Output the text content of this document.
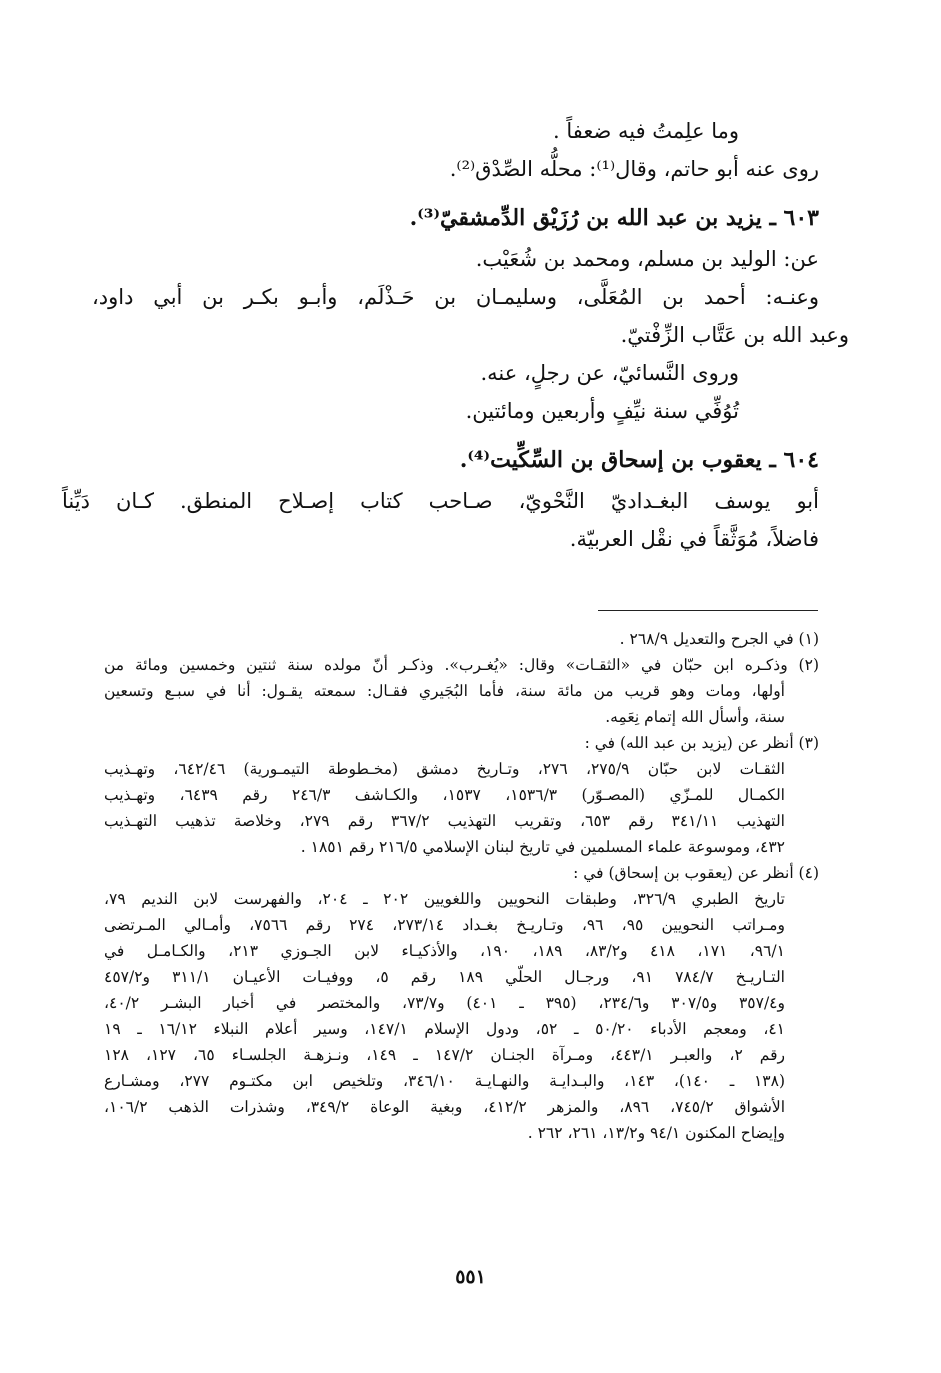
وما علِمتُ فيه ضعفاً .
روى عنه أبو حاتم، وقال⁽¹⁾: محلُّه الصِّدْق⁽²⁾.
٦٠٣ ـ يزيد بن عبد الله بن رُزَيْق الدِّمشقيّ⁽³⁾.
عن: الوليد بن مسلم، ومحمد بن شُعَيْب.
وعنـه: أحمد بن المُعَلَّى، وسليمـان بن حَـذْلَم، وأبـو بكـر بن أبي داود،
وعبد الله بن عَتَّاب الزِّفْتيّ.
وروى النَّسائيّ، عن رجلٍ، عنه.
تُوُفِّي سنة نيِّفٍ وأربعين ومائتين.
٦٠٤ ـ يعقوب بن إسحاق بن السِّكِّيت⁽⁴⁾.
أبو يوسف البغـداديّ النَّحْويّ، صـاحب كتاب إصـلاح المنطق. كـان دَيِّناً
فاضلاً، مُوَثَّقاً في نقْل العربيّة.
(١) في الجرح والتعديل ٢٦٨/٩ .
(٢) وذكـره ابن حبّان في «الثقـات» وقال: «يُغـرب». وذكـر أنّ مولده سنة ثنتين وخمسين ومائة من
أولها، ومات وهو قريب من مائة سنة، فأما البُجَيري فقـال: سمعته يقـول: أنا في سبـع وتسعين
سنة، وأسأل الله إتمام نِعَمِه.
(٣) أنظر عن (يزيد بن عبد الله) في :
الثقـات لابن حبّان ٢٧٥/٩، ٢٧٦، وتـاريخ دمشق (مخـطوطة التيمـورية) ٦٤٢/٤٦، وتهـذيب
الكمـال للمـزّي (المصـوّر) ١٥٣٦/٣، ١٥٣٧، والكـاشف ٢٤٦/٣ رقم ٦٤٣٩، وتهـذيب
التهذيب ٣٤١/١١ رقم ٦٥٣، وتقريب التهذيب ٣٦٧/٢ رقم ٢٧٩، وخلاصة تذهيب التهـذيب
٤٣٢، وموسوعة علماء المسلمين في تاريخ لبنان الإسلامي ٢١٦/٥ رقم ١٨٥١ .
(٤) أنظر عن (يعقوب بن إسحاق) في :
تاريخ الطبري ٣٢٦/٩، وطبقات النحويين واللغويين ٢٠٢ ـ ٢٠٤، والفهرست لابن النديم ٧٩،
ومـراتب النحويين ٩٥، ٩٦، وتـاريـخ بغـداد ٢٧٣/١٤، ٢٧٤ رقم ٧٥٦٦، وأمـالي المـرتضى
٩٦/١، ١٧١، ٤١٨ و٨٣/٢، ١٨٩، ١٩٠، والأذكيـاء لابن الجـوزي ٢١٣، والكـامـل في
التـاريـخ ٧٨٤/٧ ٩١، ورجـال الحلّي ١٨٩ رقم ٥، ووفيـات الأعيـان ٣١١/١ و٤٥٧/٢
و٣٥٧/٤ و٣٠٧/٥ و٢٣٤/٦، (٣٩٥ ـ ٤٠١) و٧٣/٧، والمختصر في أخبار البشـر ٤٠/٢،
٤١، ومعجم الأدباء ٥٠/٢٠ ـ ٥٢، ودول الإسلام ١٤٧/١، وسير أعلام النبلاء ١٦/١٢ ـ ١٩
رقم ٢، والعبـر ٤٤٣/١، ومـرآة الجنـان ١٤٧/٢ ـ ١٤٩، ونـزهـة الجلسـاء ٦٥، ١٢٧، ١٢٨
(١٣٨ ـ ١٤٠)، ١٤٣، والبـدايـة والنهـايـة ٣٤٦/١٠، وتلخيص ابن مكتـوم ٢٧٧، ومشـارع
الأشواق ٧٤٥/٢، ٨٩٦، والمزهر ٤١٢/٢، وبغية الوعاة ٣٤٩/٢، وشذرات الذهب ١٠٦/٢،
وإيضاح المكنون ٩٤/١ و١٣/٢، ٢٦١، ٢٦٢ .
٥٥١
